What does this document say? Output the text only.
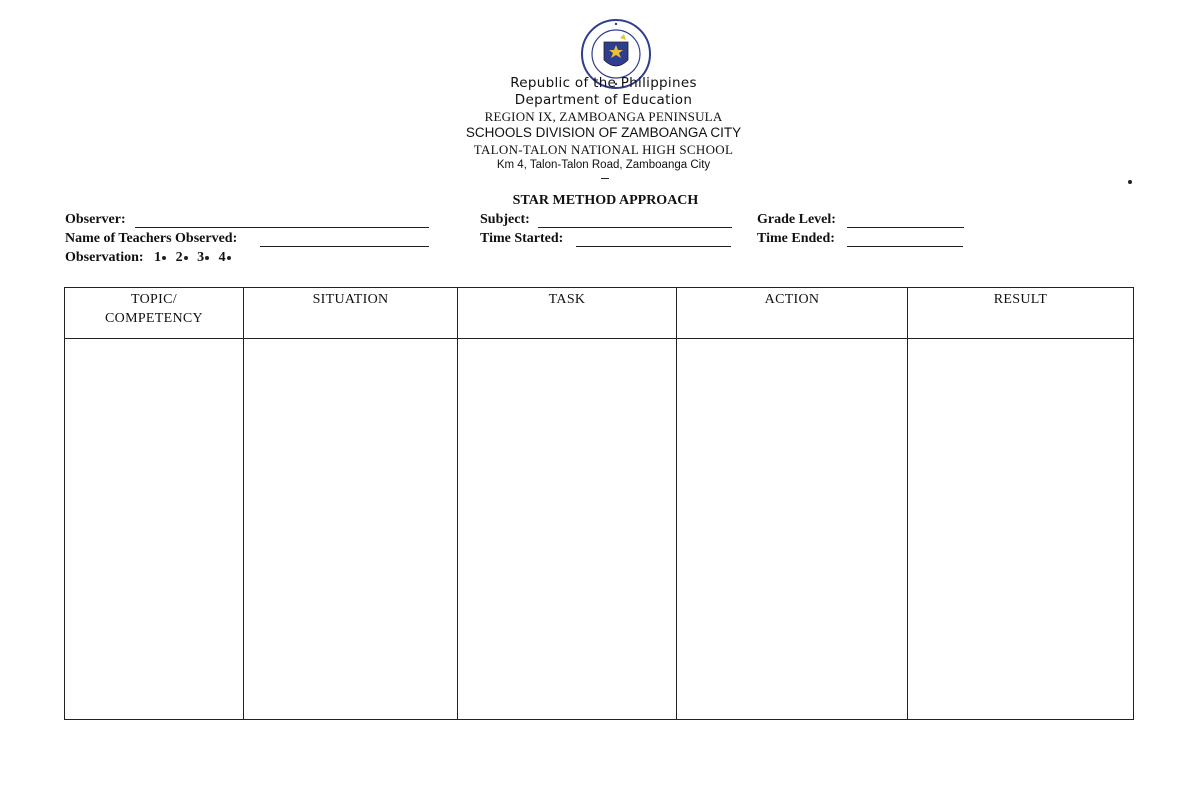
Republic of the Philippines
Department of Education
REGION IX, ZAMBOANGA PENINSULA
SCHOOLS DIVISION OF ZAMBOANGA CITY
TALON-TALON NATIONAL HIGH SCHOOL
Km 4, Talon-Talon Road, Zamboanga City
STAR METHOD APPROACH
Observer:	Subject:	Grade Level:
Name of Teachers Observed:	Time Started:	Time Ended:
Observation: 1 2 3 4
TOPIC/
COMPETENCY	SITUATION	TASK	ACTION	RESULT
